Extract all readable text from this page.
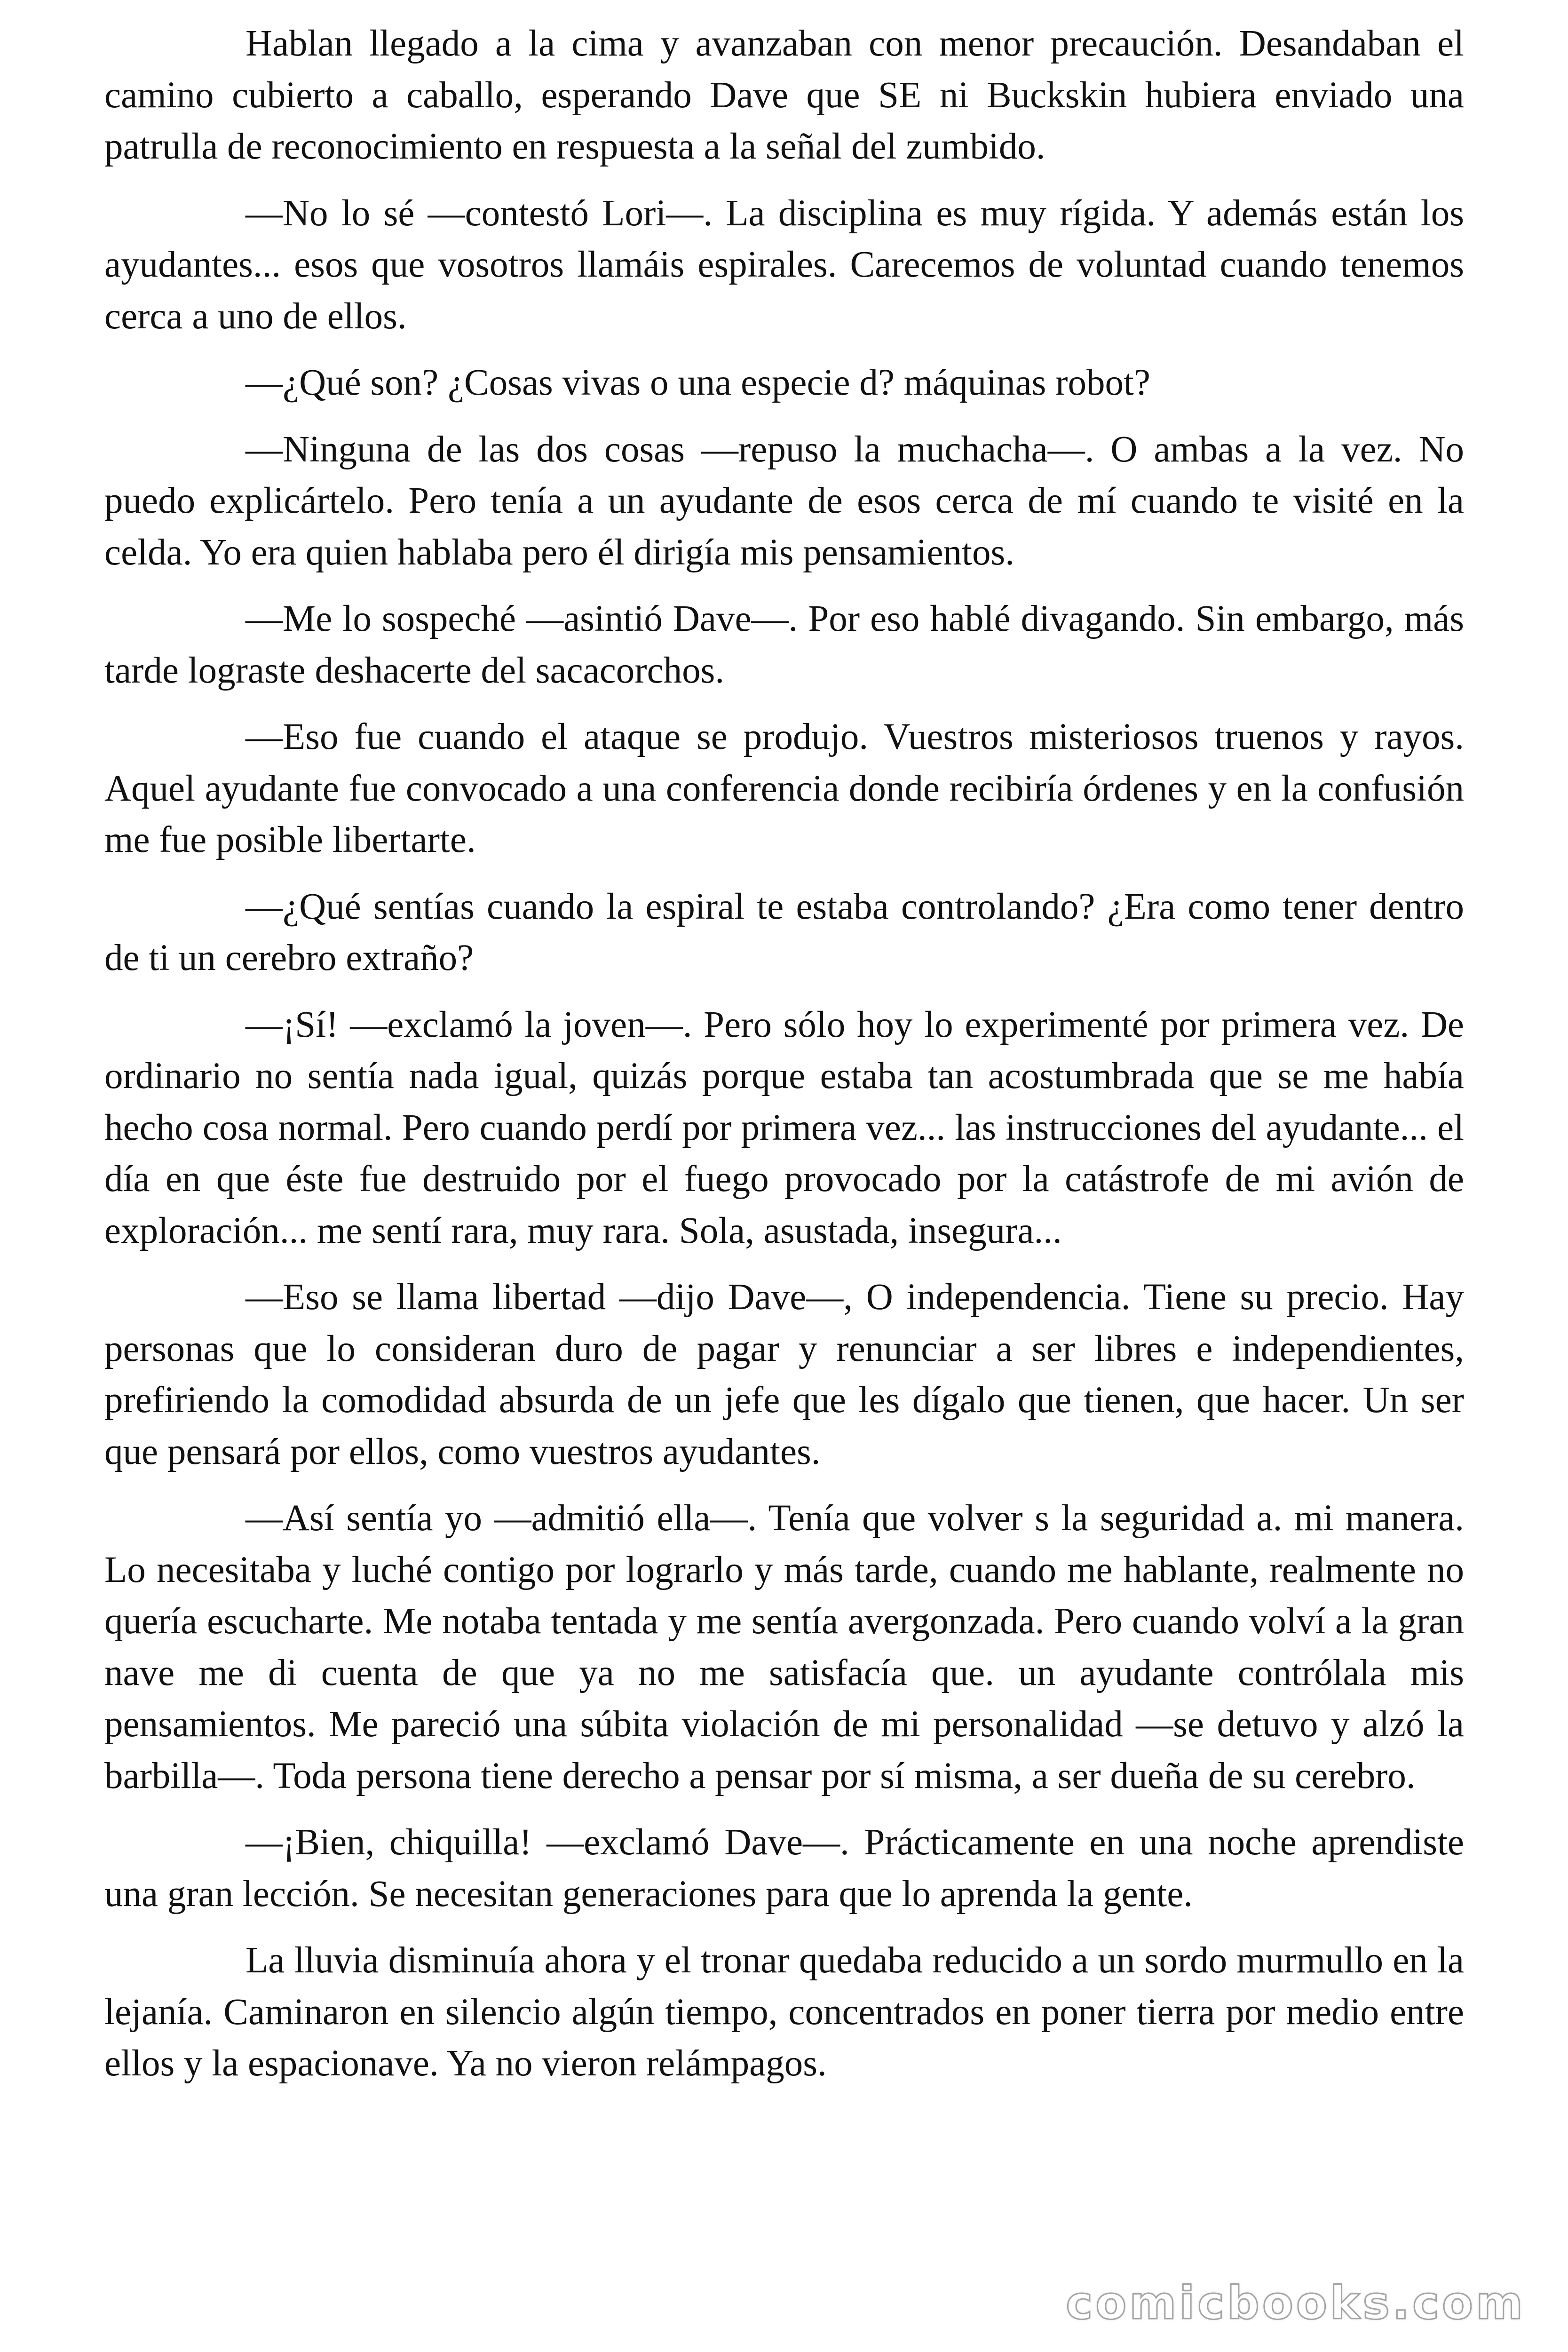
Hablan llegado a la cima y avanzaban con menor precaución. Desandaban el camino cubierto a caballo, esperando Dave que SE ni Buckskin hubiera enviado una patrulla de reconocimiento en respuesta a la señal del zumbido.

—No lo sé —contestó Lori—. La disciplina es muy rígida. Y además están los ayudantes... esos que vosotros llamáis espirales. Carecemos de voluntad cuando tenemos cerca a uno de ellos.

—¿Qué son? ¿Cosas vivas o una especie d? máquinas robot?

—Ninguna de las dos cosas —repuso la muchacha—. O ambas a la vez. No puedo explicártelo. Pero tenía a un ayudante de esos cerca de mí cuando te visité en la celda. Yo era quien hablaba pero él dirigía mis pensamientos.

—Me lo sospeché —asintió Dave—. Por eso hablé divagando. Sin embargo, más tarde lograste deshacerte del sacacorchos.

—Eso fue cuando el ataque se produjo. Vuestros misteriosos truenos y rayos. Aquel ayudante fue convocado a una conferencia donde recibiría órdenes y en la confusión me fue posible libertarte.

—¿Qué sentías cuando la espiral te estaba controlando? ¿Era como tener dentro de ti un cerebro extraño?

—¡Sí! —exclamó la joven—. Pero sólo hoy lo experimenté por primera vez. De ordinario no sentía nada igual, quizás porque estaba tan acostumbrada que se me había hecho cosa normal. Pero cuando perdí por primera vez... las instrucciones del ayudante... el día en que éste fue destruido por el fuego provocado por la catástrofe de mi avión de exploración... me sentí rara, muy rara. Sola, asustada, insegura...

—Eso se llama libertad —dijo Dave—, O independencia. Tiene su precio. Hay personas que lo consideran duro de pagar y renunciar a ser libres e independientes, prefiriendo la comodidad absurda de un jefe que les dígalo que tienen, que hacer. Un ser que pensará por ellos, como vuestros ayudantes.

—Así sentía yo —admitió ella—. Tenía que volver s la seguridad a. mi manera. Lo necesitaba y luché contigo por lograrlo y más tarde, cuando me hablante, realmente no quería escucharte. Me notaba tentada y me sentía avergonzada. Pero cuando volví a la gran nave me di cuenta de que ya no me satisfacía que. un ayudante contrólala mis pensamientos. Me pareció una súbita violación de mi personalidad —se detuvo y alzó la barbilla—. Toda persona tiene derecho a pensar por sí misma, a ser dueña de su cerebro.

—¡Bien, chiquilla! —exclamó Dave—. Prácticamente en una noche aprendiste una gran lección. Se necesitan generaciones para que lo aprenda la gente.

La lluvia disminuía ahora y el tronar quedaba reducido a un sordo murmullo en la lejanía. Caminaron en silencio algún tiempo, concentrados en poner tierra por medio entre ellos y la espacionave. Ya no vieron relámpagos.

comicbooks.com
